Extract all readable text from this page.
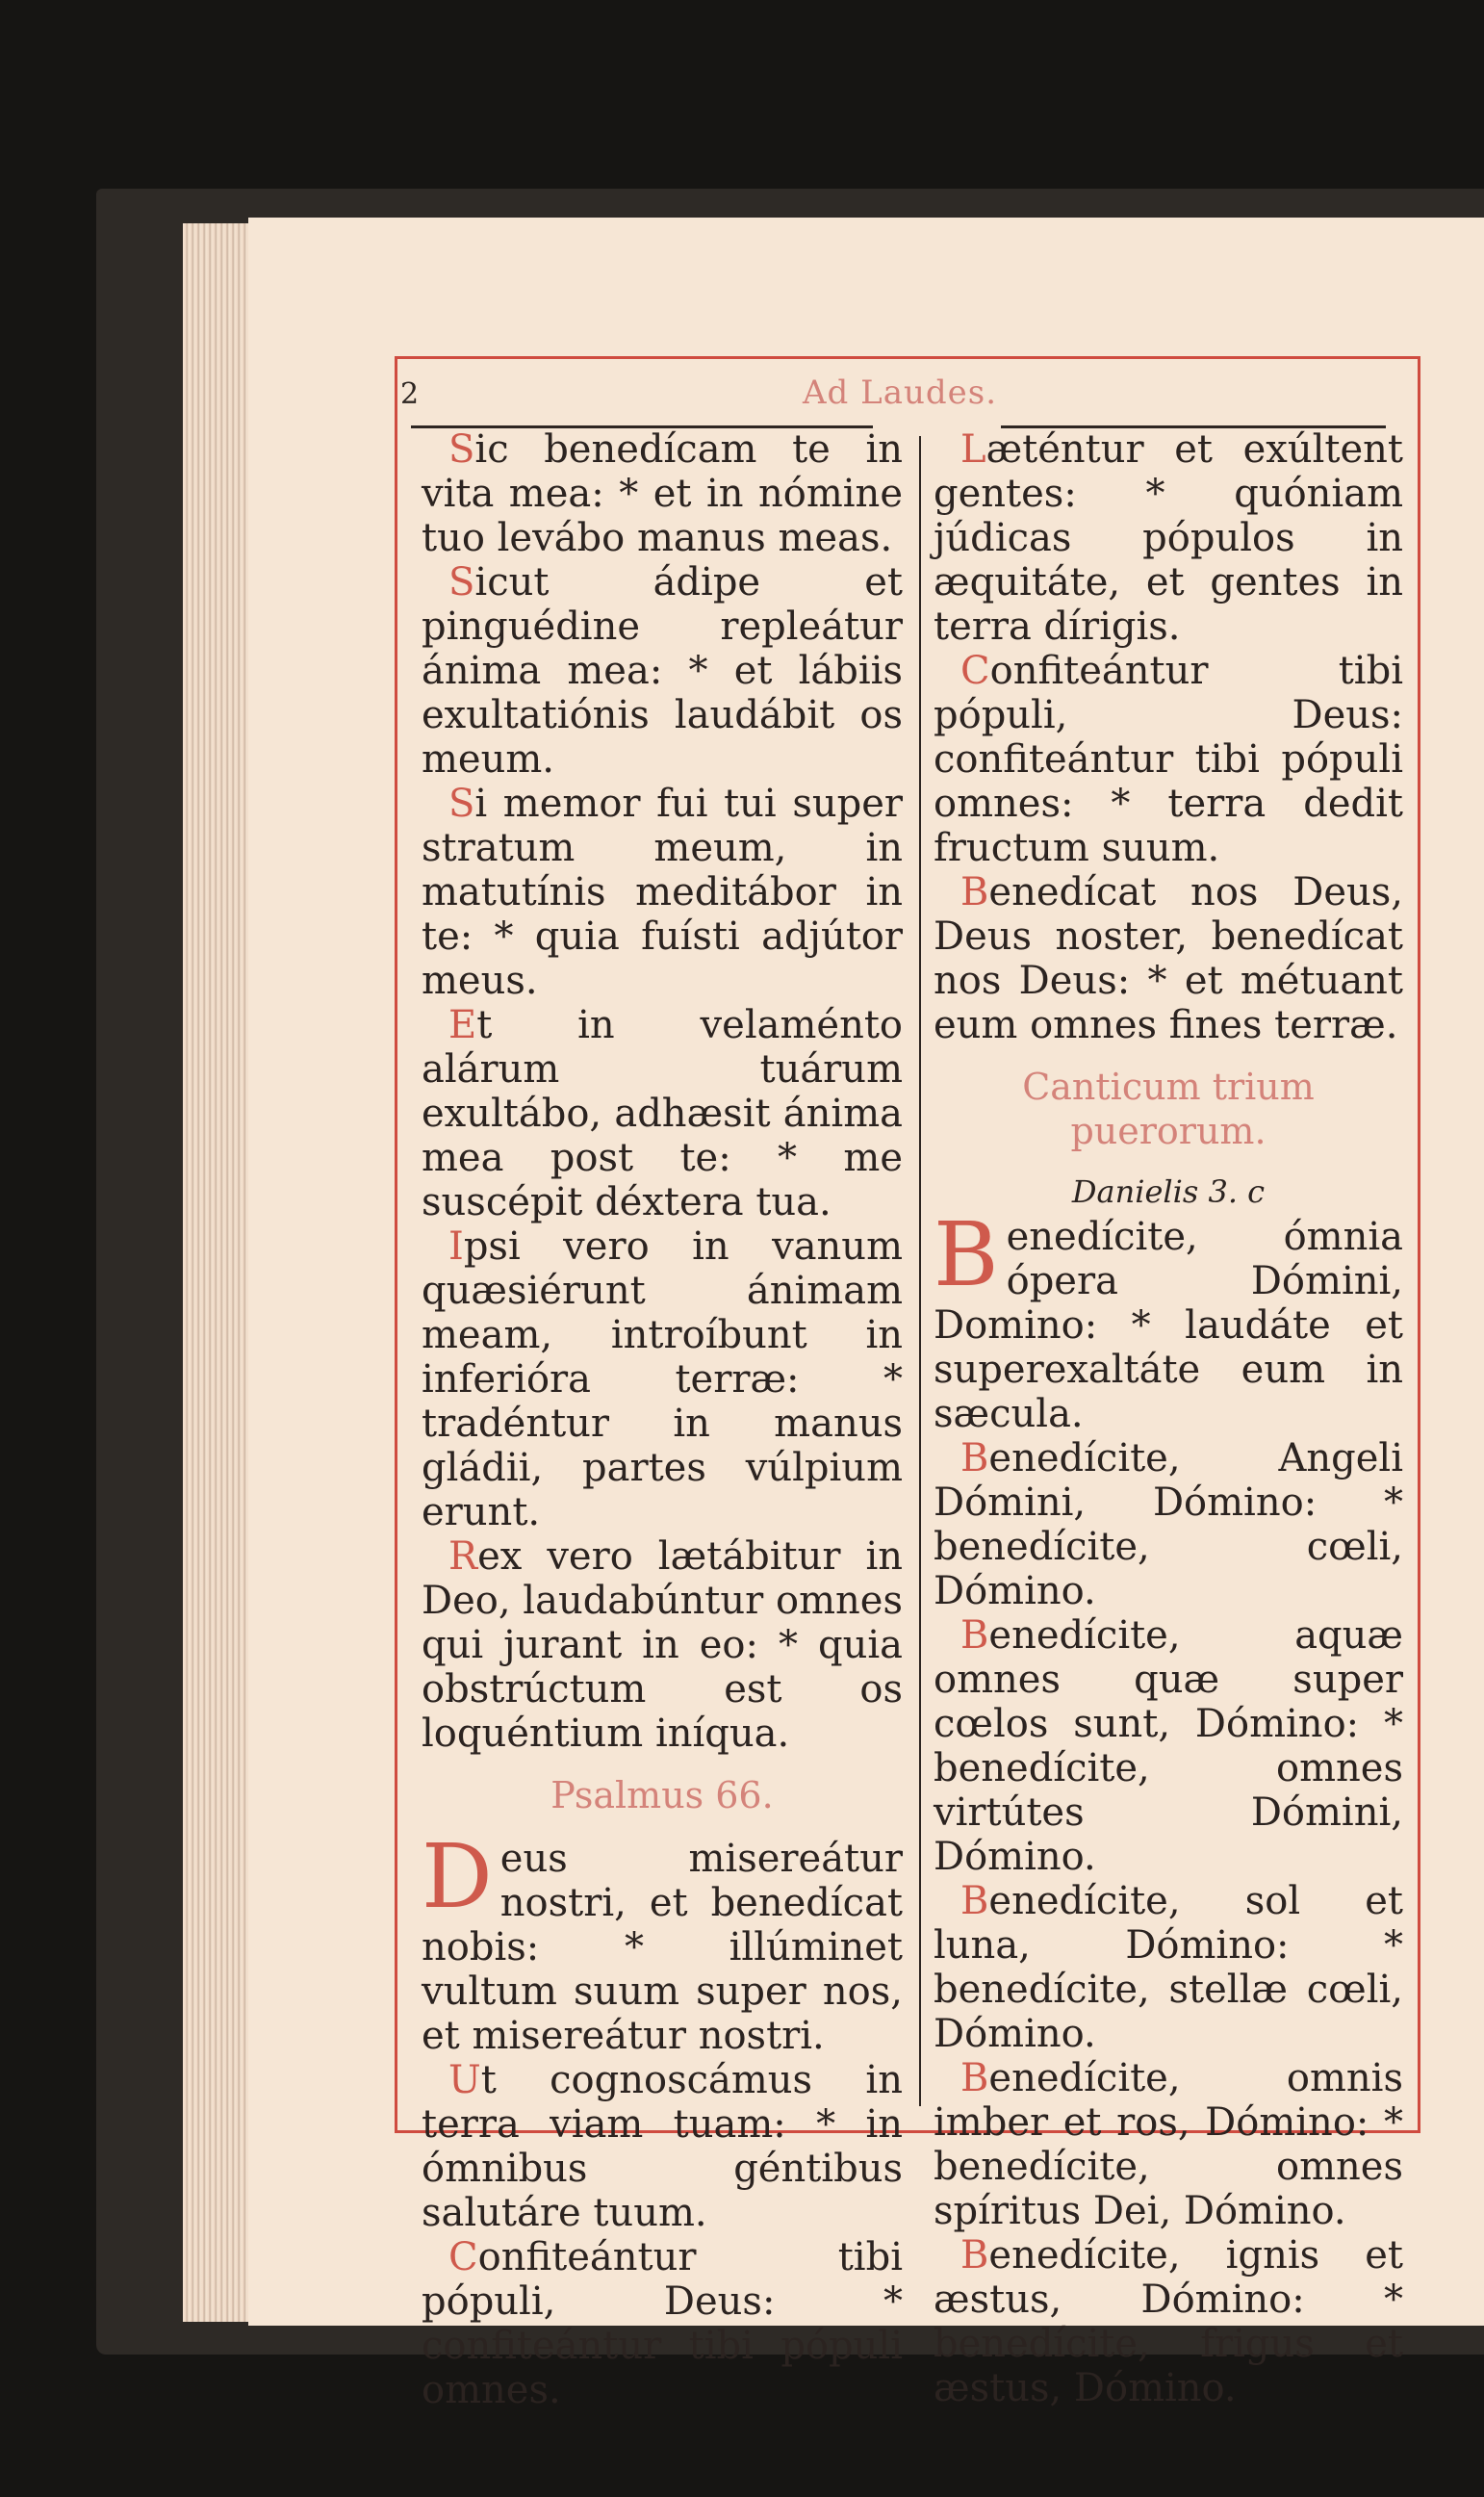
2	Ad Laudes.

Sic benedícam te in vita mea: * et in nómine tuo levábo manus meas.

Sicut ádipe et pinguédine repleátur ánima mea: * et lábiis exultatiónis laudábit os meum.

Si memor fui tui super stratum meum, in matutínis meditábor in te: * quia fuísti adjútor meus.

Et in velaménto alárum tuárum exultábo, adhæsit ánima mea post te: * me suscépit déxtera tua.

Ipsi vero in vanum quæsiérunt ánimam meam, introíbunt in inferióra terræ: * tradéntur in manus gládii, partes vúlpium erunt.

Rex vero lætábitur in Deo, laudabúntur omnes qui jurant in eo: * quia obstrúctum est os loquéntium iníqua.

Psalmus 66.

Deus misereátur nostri, et benedícat nobis: * illúminet vultum suum super nos, et misereátur nostri.

Ut cognoscámus in terra viam tuam: * in ómnibus géntibus salutáre tuum.

Confiteántur tibi pópuli, Deus: * confiteántur tibi pópuli omnes.

Læténtur et exúltent gentes: * quóniam júdicas pópulos in æquitáte, et gentes in terra dírigis.

Confiteántur tibi pópuli, Deus: confiteántur tibi pópuli omnes: * terra dedit fructum suum.

Benedícat nos Deus, Deus noster, benedícat nos Deus: * et métuant eum omnes fines terræ.

Canticum trium puerorum.
Danielis 3. c

Benedícite, ómnia ópera Dómini, Domino: * laudáte et superexaltáte eum in sæcula.

Benedícite, Angeli Dómini, Dómino: * benedícite, cœli, Dómino.

Benedícite, aquæ omnes quæ super cœlos sunt, Dómino: * benedícite, omnes virtútes Dómini, Dómino.

Benedícite, sol et luna, Dómino: * benedícite, stellæ cœli, Dómino.

Benedícite, omnis imber et ros, Dómino: * benedícite, omnes spíritus Dei, Dómino.

Benedícite, ignis et æstus, Dómino: * benedícite, frigus et æstus, Dómino.
